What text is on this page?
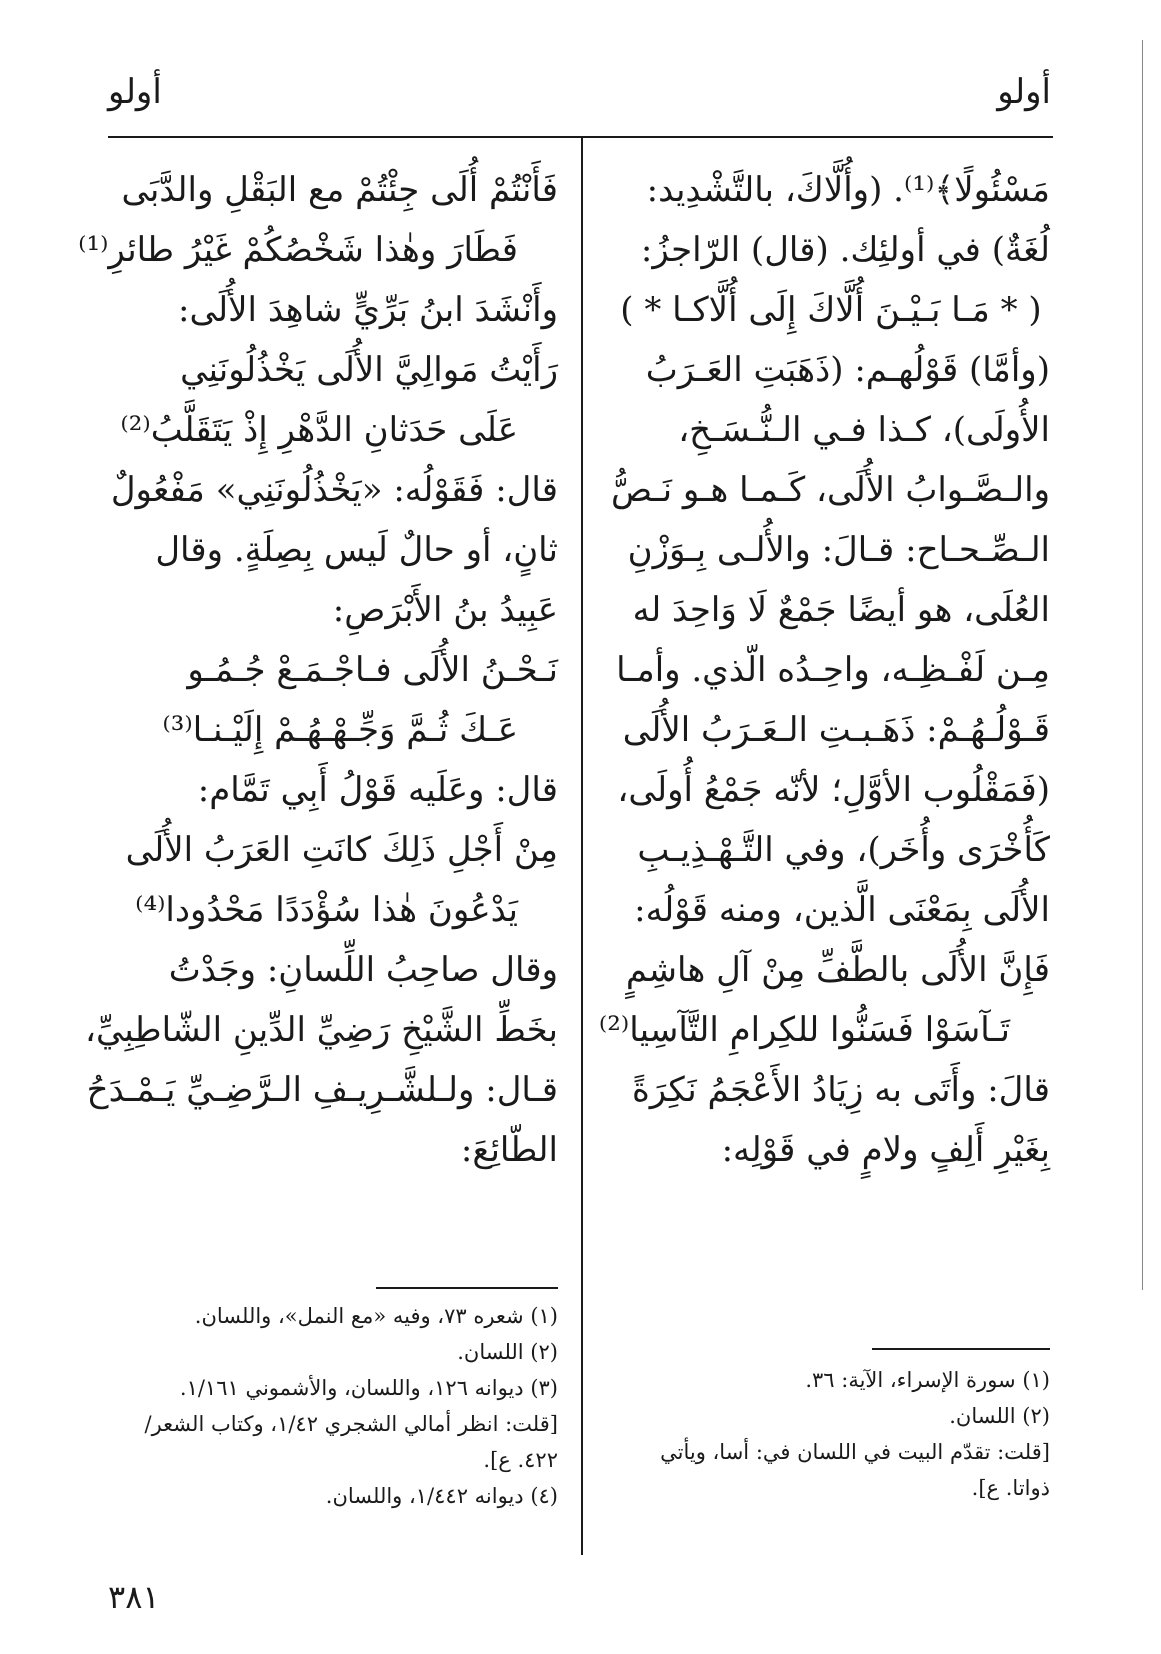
أولو	أولو
مَسْئُولًا﴾⁽¹⁾. (وأُلَّاكَ، بالتَّشْدِيد:
لُغَةٌ) في أولئِك. (قال) الرّاجزُ:
( * مَـا بَـيْـنَ أُلَّاكَ إِلَى أُلَّاكـا * )
(وأمَّا) قَوْلُهـم: (ذَهَبَتِ العَـرَبُ
الأُولَى)، كـذا فـي الـنُّـسَـخِ،
والـصَّـوابُ الأُلَى، كَـمـا هـو نَـصُّ
الـصِّـحـاح: قـالَ: والأُلـى بِـوَزْنِ
العُلَى، هو أيضًا جَمْعٌ لَا وَاحِدَ له
مِـن لَفْـظِـه، واحِـدُه الّذي. وأمـا
قَـوْلُـهُـمْ: ذَهَـبـتِ الـعَـرَبُ الأُلَى
(فَمَقْلُوب الأوَّلِ؛ لأنّه جَمْعُ أُولَى،
كَأُخْرَى وأُخَر)، وفي التَّـهْـذِيـبِ
الأُلَى بِمَعْنَى الَّذين، ومنه قَوْلُه:
فَإِنَّ الأُلَى بالطَّفِّ مِنْ آلِ هاشِمٍ
تَـآسَوْا فَسَنُّوا للكِرامِ التَّآسِيا⁽²⁾
قالَ: وأَتَى به زِيَادُ الأَعْجَمُ نَكِرَةً
بِغَيْرِ أَلِفٍ ولامٍ في قَوْلِه:
فَأَنْتُمْ أُلَى جِئْتُمْ مع البَقْلِ والدَّبَى
فَطَارَ وهٰذا شَخْصُكُمْ غَيْرُ طائرِ⁽¹⁾
وأَنْشَدَ ابنُ بَرِّيٍّ شاهِدَ الأُلَى:
رَأَيْتُ مَوالِيَّ الأُلَى يَخْذُلُونَنِي
عَلَى حَدَثانِ الدَّهْرِ إِذْ يَتَقَلَّبُ⁽²⁾
قال: فَقَوْلُه: «يَخْذُلُونَنِي» مَفْعُولٌ
ثانٍ، أو حالٌ لَيس بِصِلَةٍ. وقال
عَبِيدُ بنُ الأَبْرَصِ:
نَـحْـنُ الأُلَى فـاجْـمَـعْ جُـمُـو
عَـكَ ثُـمَّ وَجِّـهْـهُـمْ إِلَيْـنـا⁽³⁾
قال: وعَلَيه قَوْلُ أَبِي تَمَّام:
مِنْ أَجْلِ ذَلِكَ كانَتِ العَرَبُ الأُلَى
يَدْعُونَ هٰذا سُؤْدَدًا مَحْدُودا⁽⁴⁾
وقال صاحِبُ اللِّسانِ: وجَدْتُ
بخَطِّ الشَّيْخِ رَضِيِّ الدِّينِ الشّاطِبِيِّ،
قـال: ولـلشَّـرِيـفِ الـرَّضِـيِّ يَـمْـدَحُ
الطّائِعَ:
(١) سورة الإسراء، الآية: ٣٦.
(٢) اللسان.
[قلت: تقدّم البيت في اللسان في: أسا، ويأتي ذواتا. ع].
(١) شعره ٧٣، وفيه «مع النمل»، واللسان.
(٢) اللسان.
(٣) ديوانه ١٢٦، واللسان، والأشموني ١/١٦١.
[قلت: انظر أمالي الشجري ١/٤٢، وكتاب الشعر/٤٢٢. ع].
(٤) ديوانه ١/٤٤٢، واللسان.
٣٨١
